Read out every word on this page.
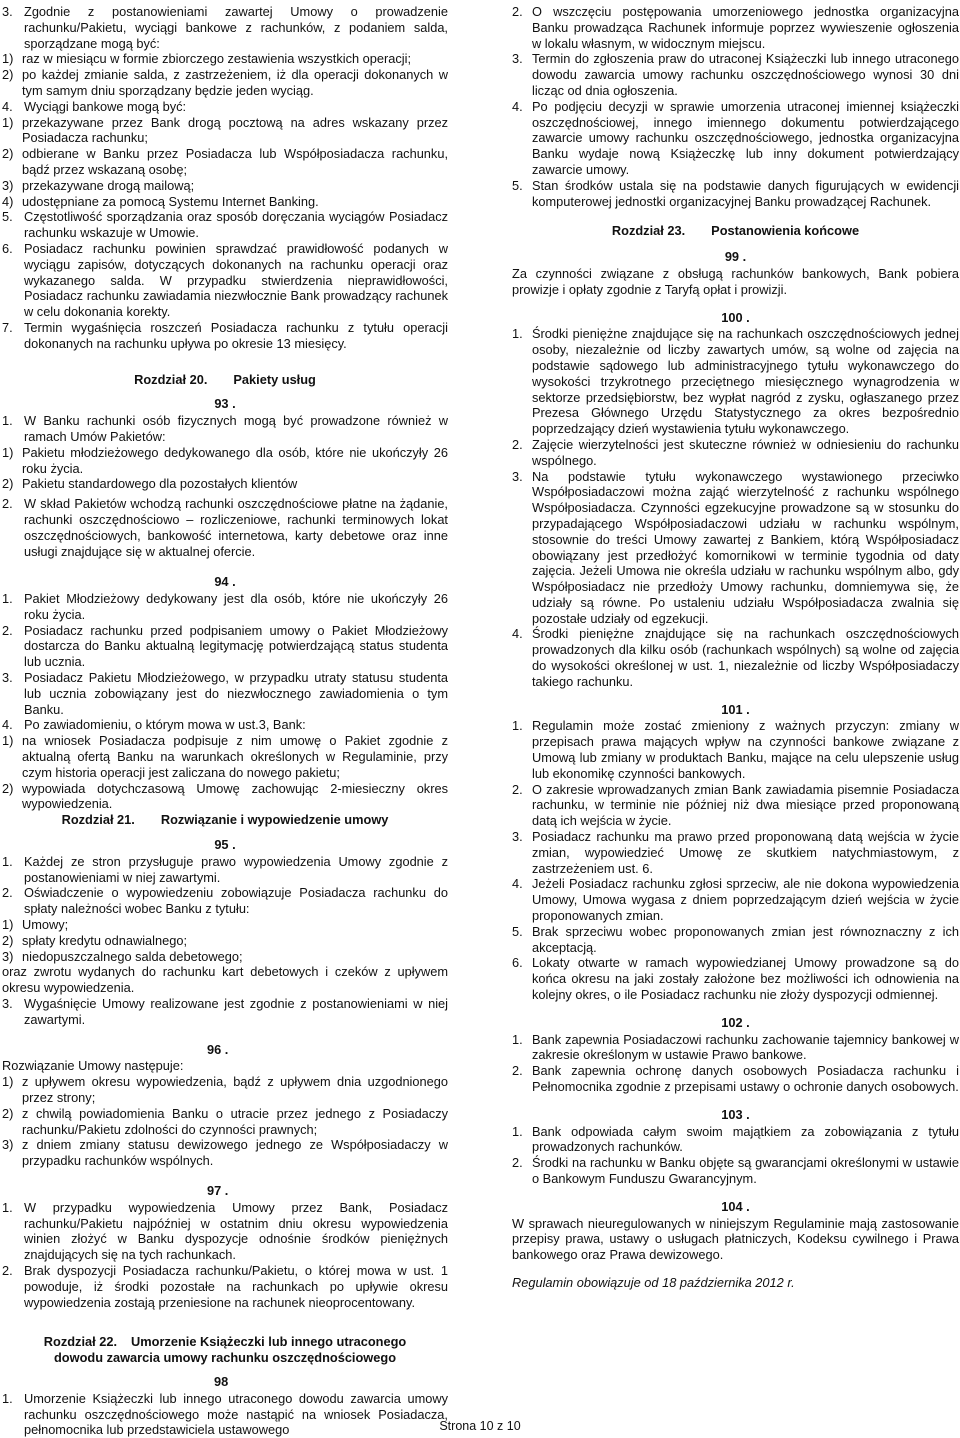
3. Zgodnie z postanowieniami zawartej Umowy o prowadzenie rachunku/Pakietu, wyciągi bankowe z rachunków, z podaniem salda, sporządzane mogą być:
1) raz w miesiącu w formie zbiorczego zestawienia wszystkich operacji;
2) po każdej zmianie salda, z zastrzeżeniem, iż dla operacji dokonanych w tym samym dniu sporządzany będzie jeden wyciąg.
4. Wyciągi bankowe mogą być:
1) przekazywane przez Bank drogą pocztową na adres wskazany przez Posiadacza rachunku;
2) odbierane w Banku przez Posiadacza lub Współposiadacza rachunku, bądź przez wskazaną osobę;
3) przekazywane drogą mailową;
4) udostępniane za pomocą Systemu Internet Banking.
5. Częstotliwość sporządzania oraz sposób doręczania wyciągów Posiadacz rachunku wskazuje w Umowie.
6. Posiadacz rachunku powinien sprawdzać prawidłowość podanych w wyciągu zapisów, dotyczących dokonanych na rachunku operacji oraz wykazanego salda. W przypadku stwierdzenia nieprawidłowości, Posiadacz rachunku zawiadamia niezwłocznie Bank prowadzący rachunek w celu dokonania korekty.
7. Termin wygaśnięcia roszczeń Posiadacza rachunku z tytułu operacji dokonanych na rachunku upływa po okresie 13 miesięcy.
Rozdział 20. Pakiety usług
93 .
1. W Banku rachunki osób fizycznych mogą być prowadzone również w ramach Umów Pakietów:
1) Pakietu młodzieżowego dedykowanego dla osób, które nie ukończyły 26 roku życia.
2) Pakietu standardowego dla pozostałych klientów
2. W skład Pakietów wchodzą rachunki oszczędnościowe płatne na żądanie, rachunki oszczędnościowo – rozliczeniowe, rachunki terminowych lokat oszczędnościowych, bankowość internetowa, karty debetowe oraz inne usługi znajdujące się w aktualnej ofercie.
94 .
1. Pakiet Młodzieżowy dedykowany jest dla osób, które nie ukończyły 26 roku życia.
2. Posiadacz rachunku przed podpisaniem umowy o Pakiet Młodzieżowy dostarcza do Banku aktualną legitymację potwierdzającą status studenta lub ucznia.
3. Posiadacz Pakietu Młodzieżowego, w przypadku utraty statusu studenta lub ucznia zobowiązany jest do niezwłocznego zawiadomienia o tym Banku.
4. Po zawiadomieniu, o którym mowa w ust.3, Bank:
1) na wniosek Posiadacza podpisuje z nim umowę o Pakiet zgodnie z aktualną ofertą Banku na warunkach określonych w Regulaminie, przy czym historia operacji jest zaliczana do nowego pakietu;
2) wypowiada dotychczasową Umowę zachowując 2-miesieczny okres wypowiedzenia.
Rozdział 21. Rozwiązanie i wypowiedzenie umowy
95 .
1. Każdej ze stron przysługuje prawo wypowiedzenia Umowy zgodnie z postanowieniami w niej zawartymi.
2. Oświadczenie o wypowiedzeniu zobowiązuje Posiadacza rachunku do spłaty należności wobec Banku z tytułu:
1) Umowy;
2) spłaty kredytu odnawialnego;
3) niedopuszczalnego salda debetowego;
oraz zwrotu wydanych do rachunku kart debetowych i czeków z upływem okresu wypowiedzenia.
3. Wygaśnięcie Umowy realizowane jest zgodnie z postanowieniami w niej zawartymi.
96 .
Rozwiązanie Umowy następuje:
1) z upływem okresu wypowiedzenia, bądź z upływem dnia uzgodnionego przez strony;
2) z chwilą powiadomienia Banku o utracie przez jednego z Posiadaczy rachunku/Pakietu zdolności do czynności prawnych;
3) z dniem zmiany statusu dewizowego jednego ze Współposiadaczy w przypadku rachunków wspólnych.
97 .
1. W przypadku wypowiedzenia Umowy przez Bank, Posiadacz rachunku/Pakietu najpóźniej w ostatnim dniu okresu wypowiedzenia winien złożyć w Banku dyspozycje odnośnie środków pieniężnych znajdujących się na tych rachunkach.
2. Brak dyspozycji Posiadacza rachunku/Pakietu, o której mowa w ust. 1 powoduje, iż środki pozostałe na rachunkach po upływie okresu wypowiedzenia zostają przeniesione na rachunek nieoprocentowany.
Rozdział 22. Umorzenie Książeczki lub innego utraconego
dowodu zawarcia umowy rachunku oszczędnościowego
98
1. Umorzenie Książeczki lub innego utraconego dowodu zawarcia umowy rachunku oszczędnościowego może nastąpić na wniosek Posiadacza, pełnomocnika lub przedstawiciela ustawowego
2. O wszczęciu postępowania umorzeniowego jednostka organizacyjna Banku prowadząca Rachunek informuje poprzez wywieszenie ogłoszenia w lokalu własnym, w widocznym miejscu.
3. Termin do zgłoszenia praw do utraconej Książeczki lub innego utraconego dowodu zawarcia umowy rachunku oszczędnościowego wynosi 30 dni licząc od dnia ogłoszenia.
4. Po podjęciu decyzji w sprawie umorzenia utraconej imiennej książeczki oszczędnościowej, innego imiennego dokumentu potwierdzającego zawarcie umowy rachunku oszczędnościowego, jednostka organizacyjna Banku wydaje nową Książeczkę lub inny dokument potwierdzający zawarcie umowy.
5. Stan środków ustala się na podstawie danych figurujących w ewidencji komputerowej jednostki organizacyjnej Banku prowadzącej Rachunek.
Rozdział 23. Postanowienia końcowe
99 .
Za czynności związane z obsługą rachunków bankowych, Bank pobiera prowizje i opłaty zgodnie z Taryfą opłat i prowizji.
100 .
1. Środki pieniężne znajdujące się na rachunkach oszczędnościowych jednej osoby, niezależnie od liczby zawartych umów, są wolne od zajęcia na podstawie sądowego lub administracyjnego tytułu wykonawczego do wysokości trzykrotnego przeciętnego miesięcznego wynagrodzenia w sektorze przedsiębiorstw, bez wypłat nagród z zysku, ogłaszanego przez Prezesa Głównego Urzędu Statystycznego za okres bezpośrednio poprzedzający dzień wystawienia tytułu wykonawczego.
2. Zajęcie wierzytelności jest skuteczne również w odniesieniu do rachunku wspólnego.
3. Na podstawie tytułu wykonawczego wystawionego przeciwko Współposiadaczowi można zająć wierzytelność z rachunku wspólnego Współposiadacza. Czynności egzekucyjne prowadzone są w stosunku do przypadającego Współposiadaczowi udziału w rachunku wspólnym, stosownie do treści Umowy zawartej z Bankiem, którą Współposiadacz obowiązany jest przedłożyć komornikowi w terminie tygodnia od daty zajęcia. Jeżeli Umowa nie określa udziału w rachunku wspólnym albo, gdy Współposiadacz nie przedłoży Umowy rachunku, domniemywa się, że udziały są równe. Po ustaleniu udziału Współposiadacza zwalnia się pozostałe udziały od egzekucji.
4. Środki pieniężne znajdujące się na rachunkach oszczędnościowych prowadzonych dla kilku osób (rachunkach wspólnych) są wolne od zajęcia do wysokości określonej w ust. 1, niezależnie od liczby Współposiadaczy takiego rachunku.
101 .
1. Regulamin może zostać zmieniony z ważnych przyczyn: zmiany w przepisach prawa mających wpływ na czynności bankowe związane z Umową lub zmiany w produktach Banku, mające na celu ulepszenie usług lub ekonomikę czynności bankowych.
2. O zakresie wprowadzanych zmian Bank zawiadamia pisemnie Posiadacza rachunku, w terminie nie później niż dwa miesiące przed proponowaną datą ich wejścia w życie.
3. Posiadacz rachunku ma prawo przed proponowaną datą wejścia w życie zmian, wypowiedzieć Umowę ze skutkiem natychmiastowym, z zastrzeżeniem ust. 6.
4. Jeżeli Posiadacz rachunku zgłosi sprzeciw, ale nie dokona wypowiedzenia Umowy, Umowa wygasa z dniem poprzedzającym dzień wejścia w życie proponowanych zmian.
5. Brak sprzeciwu wobec proponowanych zmian jest równoznaczny z ich akceptacją.
6. Lokaty otwarte w ramach wypowiedzianej Umowy prowadzone są do końca okresu na jaki zostały założone bez możliwości ich odnowienia na kolejny okres, o ile Posiadacz rachunku nie złoży dyspozycji odmiennej.
102 .
1. Bank zapewnia Posiadaczowi rachunku zachowanie tajemnicy bankowej w zakresie określonym w ustawie Prawo bankowe.
2. Bank zapewnia ochronę danych osobowych Posiadacza rachunku i Pełnomocnika zgodnie z przepisami ustawy o ochronie danych osobowych.
103 .
1. Bank odpowiada całym swoim majątkiem za zobowiązania z tytułu prowadzonych rachunków.
2. Środki na rachunku w Banku objęte są gwarancjami określonymi w ustawie o Bankowym Funduszu Gwarancyjnym.
104 .
W sprawach nieuregulowanych w niniejszym Regulaminie mają zastosowanie przepisy prawa, ustawy o usługach płatniczych, Kodeksu cywilnego i Prawa bankowego oraz Prawa dewizowego.
Regulamin obowiązuje od 18 października 2012 r.
Strona 10 z 10
